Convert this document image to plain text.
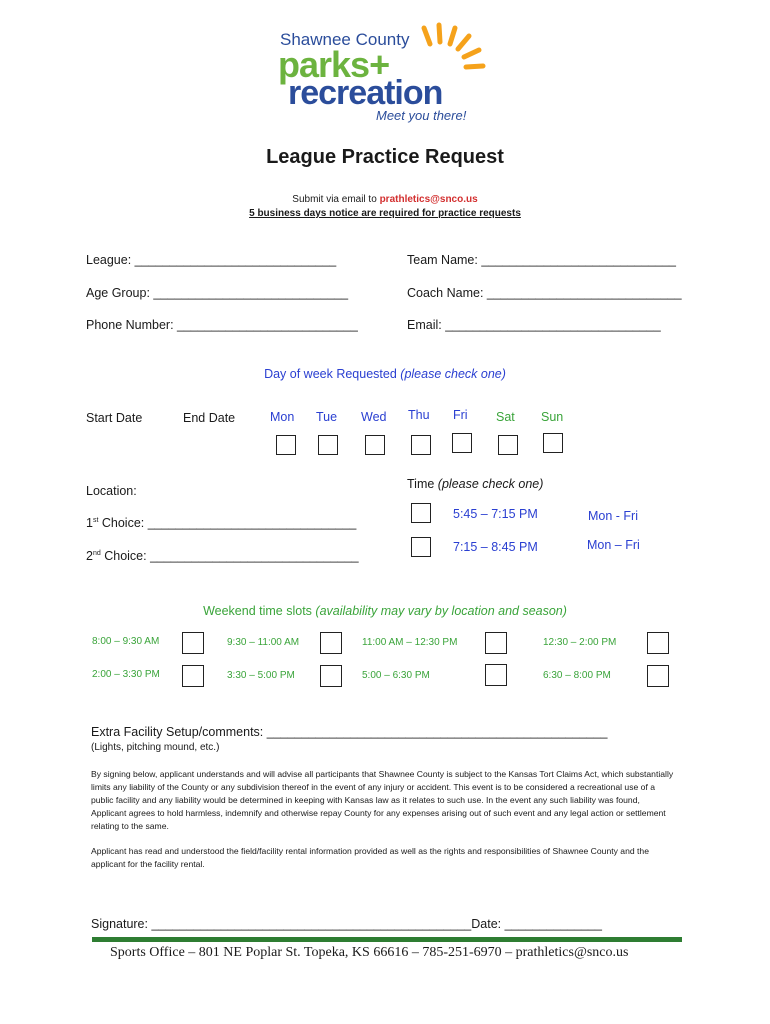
Shawnee County
parks+
recreation
Meet you there!
League Practice Request
Submit via email to prathletics@snco.us
5 business days notice are required for practice requests
League: _____________________________	Team Name: ____________________________
Age Group: ____________________________	Coach Name: ____________________________
Phone Number: __________________________	Email: _______________________________
Day of week Requested (please check one)
Start Date	End Date	Mon Tue Wed Thu Fri Sat Sun
Location:
1st Choice: ______________________________
2nd Choice: ______________________________
Time (please check one)
5:45 – 7:15 PM	Mon - Fri
7:15 – 8:45 PM	Mon – Fri
Weekend time slots (availability may vary by location and season)
8:00 – 9:30 AM	9:30 – 11:00 AM	11:00 AM – 12:30 PM	12:30 – 2:00 PM
2:00 – 3:30 PM	3:30 – 5:00 PM	5:00 – 6:30 PM	6:30 – 8:00 PM
Extra Facility Setup/comments: _________________________________________________
(Lights, pitching mound, etc.)
By signing below, applicant understands and will advise all participants that Shawnee County is subject to the Kansas Tort Claims Act, which substantially limits any liability of the County or any subdivision thereof in the event of any injury or accident. This event is to be considered a recreational use of a public facility and any liability would be determined in keeping with Kansas law as it relates to such use. In the event any such liability was found, Applicant agrees to hold harmless, indemnify and otherwise repay County for any expenses arising out of such event and any legal action or settlement relating to the same.
Applicant has read and understood the field/facility rental information provided as well as the rights and responsibilities of Shawnee County and the applicant for the facility rental.
Signature: ______________________________________________Date: ______________
Sports Office – 801 NE Poplar St. Topeka, KS 66616 – 785-251-6970 – prathletics@snco.us
